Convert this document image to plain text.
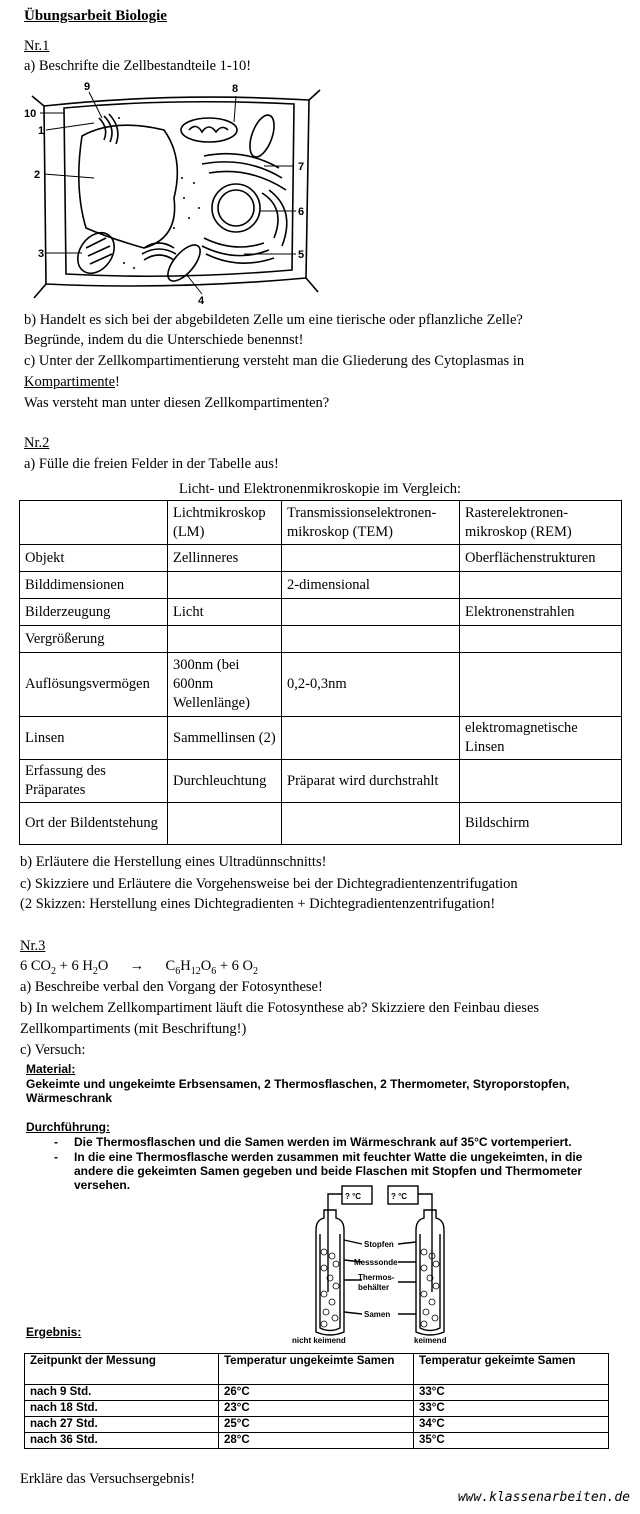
Übungsarbeit Biologie
Nr.1
a) Beschrifte die Zellbestandteile 1-10!
1
2
3
4
5
6
7
8
9
10
b) Handelt es sich bei der abgebildeten Zelle um eine tierische oder pflanzliche Zelle?
Begründe, indem du die Unterschiede benennst!
c) Unter der Zellkompartimentierung versteht man die Gliederung des Cytoplasmas in
Kompartimente!
Was versteht man unter diesen Zellkompartimenten?
Nr.2
a) Fülle die freien Felder in der Tabelle aus!
Licht- und Elektronenmikroskopie im Vergleich:
	Lichtmikroskop (LM)	Transmissionselektronen-mikroskop (TEM)	Rasterelektronen-mikroskop (REM)
Objekt	Zellinneres		Oberflächenstrukturen
Bilddimensionen		2-dimensional	
Bilderzeugung	Licht		Elektronenstrahlen
Vergrößerung			
Auflösungsvermögen	300nm (bei 600nm Wellenlänge)	0,2-0,3nm	
Linsen	Sammellinsen (2)		elektromagnetische Linsen
Erfassung des Präparates	Durchleuchtung	Präparat wird durchstrahlt	
Ort der Bildentstehung			Bildschirm
b) Erläutere die Herstellung eines Ultradünnschnitts!
c) Skizziere und Erläutere die Vorgehensweise bei der Dichtegradientenzentrifugation
(2 Skizzen: Herstellung eines Dichtegradienten + Dichtegradientenzentrifugation!
Nr.3
6 $CO_2 + 6$ $H_2O \to C_6H_{12}O_6 + 6$ $O_2$
a) Beschreibe verbal den Vorgang der Fotosynthese!
b) In welchem Zellkompartiment läuft die Fotosynthese ab? Skizziere den Feinbau dieses
Zellkompartiments (mit Beschriftung!)
c) Versuch:
Material:
Gekeimte und ungekeimte Erbsensamen, 2 Thermosflaschen, 2 Thermometer, Styroporstopfen,
Wärmeschrank
Durchführung:
- Die Thermosflaschen und die Samen werden im Wärmeschrank auf 35°C vortemperiert.
- In die eine Thermosflasche werden zusammen mit feuchter Watte die ungekeimten, in die
andere die gekeimten Samen gegeben und beide Flaschen mit Stopfen und Thermometer
versehen.
? °C	? °C
Stopfen
Messsonde
Thermos-
behälter
Samen
nicht keimend	keimend
Ergebnis:
Zeitpunkt der Messung	Temperatur ungekeimte Samen	Temperatur gekeimte Samen
nach 9 Std.	26°C	33°C
nach 18 Std.	23°C	33°C
nach 27 Std.	25°C	34°C
nach 36 Std.	28°C	35°C
Erkläre das Versuchsergebnis!
www.klassenarbeiten.de
